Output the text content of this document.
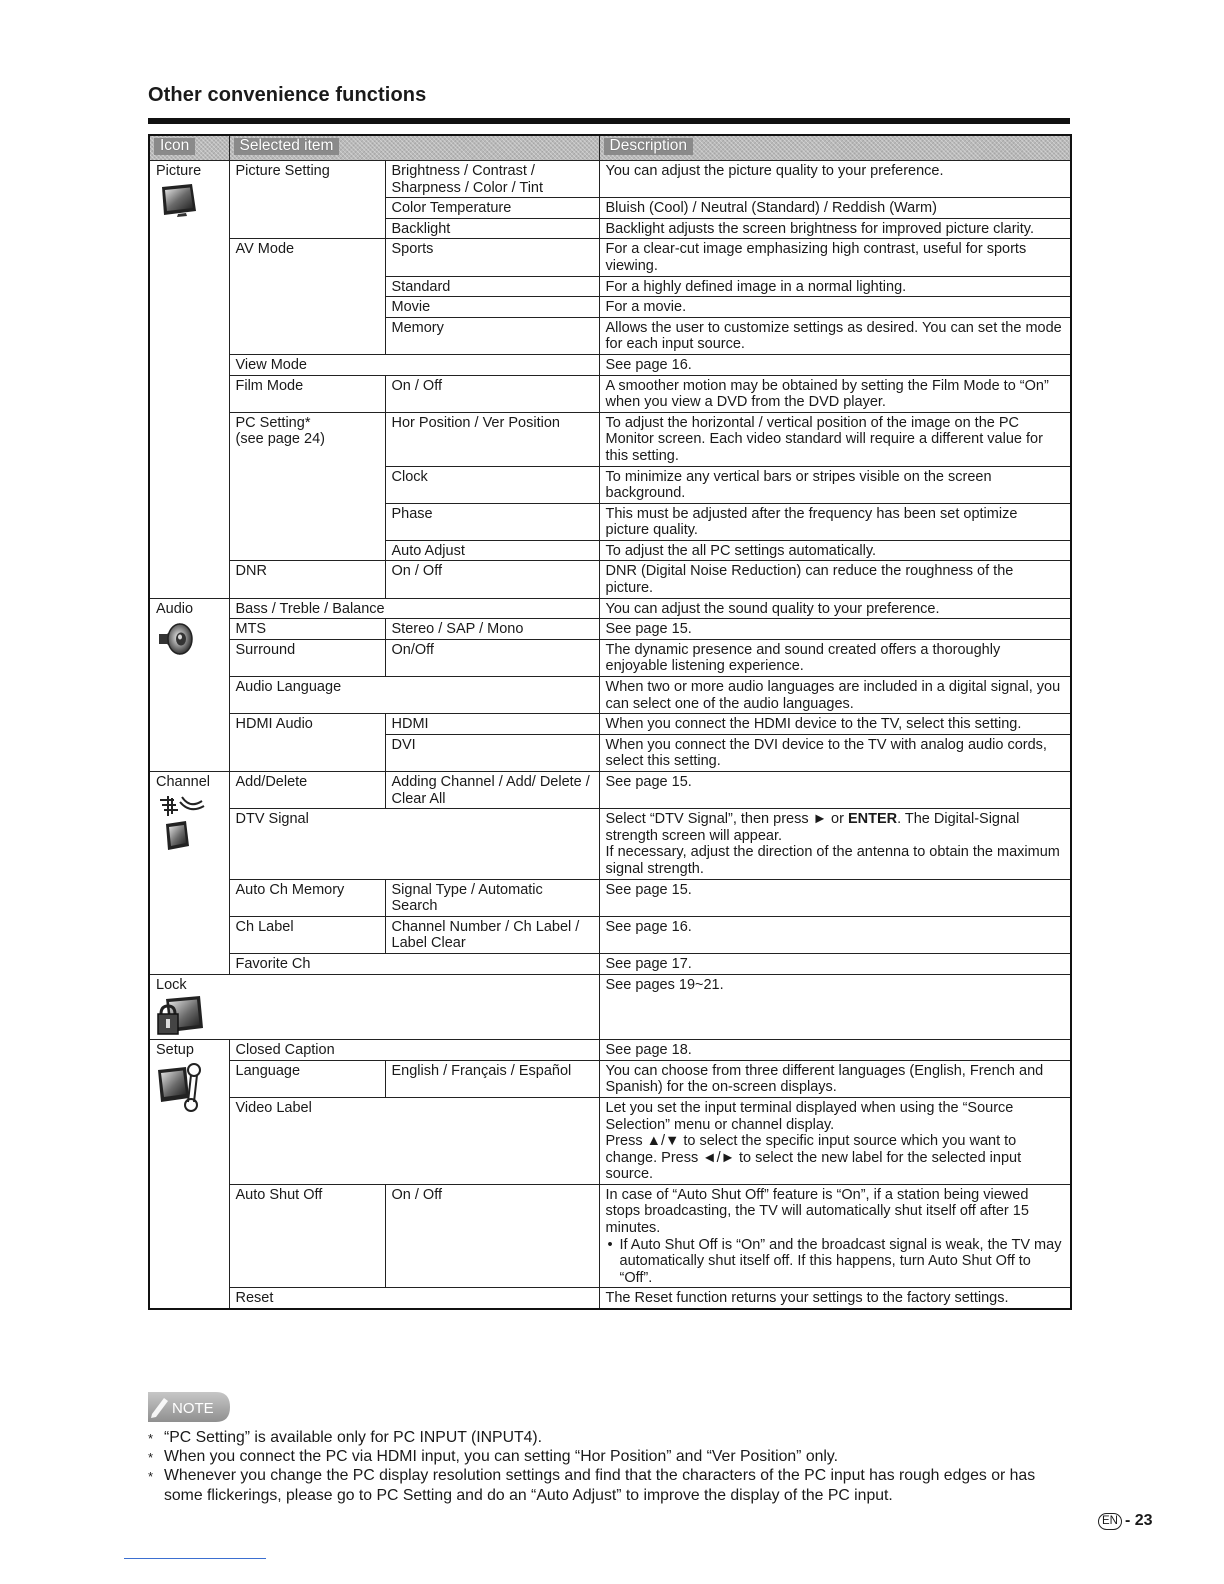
Other convenience functions
Icon	Selected item		Description

Picture	Picture Setting	Brightness / Contrast / Sharpness / Color / Tint	You can adjust the picture quality to your preference.
		Color Temperature	Bluish (Cool) / Neutral (Standard) / Reddish (Warm)
		Backlight	Backlight adjusts the screen brightness for improved picture clarity.
	AV Mode	Sports	For a clear-cut image emphasizing high contrast, useful for sports viewing.
		Standard	For a highly defined image in a normal lighting.
		Movie	For a movie.
		Memory	Allows the user to customize settings as desired. You can set the mode for each input source.
	View Mode		See page 16.
	Film Mode	On / Off	A smoother motion may be obtained by setting the Film Mode to “On” when you view a DVD from the DVD player.
	PC Setting*
(see page 24)	Hor Position / Ver Position	To adjust the horizontal / vertical position of the image on the PC Monitor screen. Each video standard will require a different value for this setting.
		Clock	To minimize any vertical bars or stripes visible on the screen background.
		Phase	This must be adjusted after the frequency has been set optimize picture quality.
		Auto Adjust	To adjust the all PC settings automatically.
	DNR	On / Off	DNR (Digital Noise Reduction) can reduce the roughness of the picture.

Audio	Bass / Treble / Balance		You can adjust the sound quality to your preference.
	MTS	Stereo / SAP / Mono	See page 15.
	Surround	On/Off	The dynamic presence and sound created offers a thoroughly enjoyable listening experience.
	Audio Language		When two or more audio languages are included in a digital signal, you can select one of the audio languages.
	HDMI Audio	HDMI	When you connect the HDMI device to the TV, select this setting.
		DVI	When you connect the DVI device to the TV with analog audio cords, select this setting.

Channel	Add/Delete	Adding Channel / Add/ Delete / Clear All	See page 15.
	DTV Signal		Select “DTV Signal”, then press ► or ENTER. The Digital-Signal strength screen will appear.
If necessary, adjust the direction of the antenna to obtain the maximum signal strength.
	Auto Ch Memory	Signal Type / Automatic Search	See page 15.
	Ch Label	Channel Number / Ch Label / Label Clear	See page 16.
	Favorite Ch		See page 17.

Lock			See pages 19~21.

Setup	Closed Caption		See page 18.
	Language	English / Français / Español	You can choose from three different languages (English, French and Spanish) for the on-screen displays.
	Video Label		Let you set the input terminal displayed when using the “Source Selection” menu or channel display.
Press ▲/▼ to select the specific input source which you want to change. Press ◄/► to select the new label for the selected input source.
	Auto Shut Off	On / Off	In case of “Auto Shut Off” feature is “On”, if a station being viewed stops broadcasting, the TV will automatically shut itself off after 15 minutes.
• If Auto Shut Off is “On” and the broadcast signal is weak, the TV may automatically shut itself off. If this happens, turn Auto Shut Off to “Off”.

	Reset		The Reset function returns your settings to the factory settings.
NOTE
* “PC Setting” is available only for PC INPUT (INPUT4).
* When you connect the PC via HDMI input, you can setting “Hor Position” and “Ver Position” only.
* Whenever you change the PC display resolution settings and find that the characters of the PC input has rough edges or has some flickerings, please go to PC Setting and do an “Auto Adjust” to improve the display of the PC input.
EN - 23
